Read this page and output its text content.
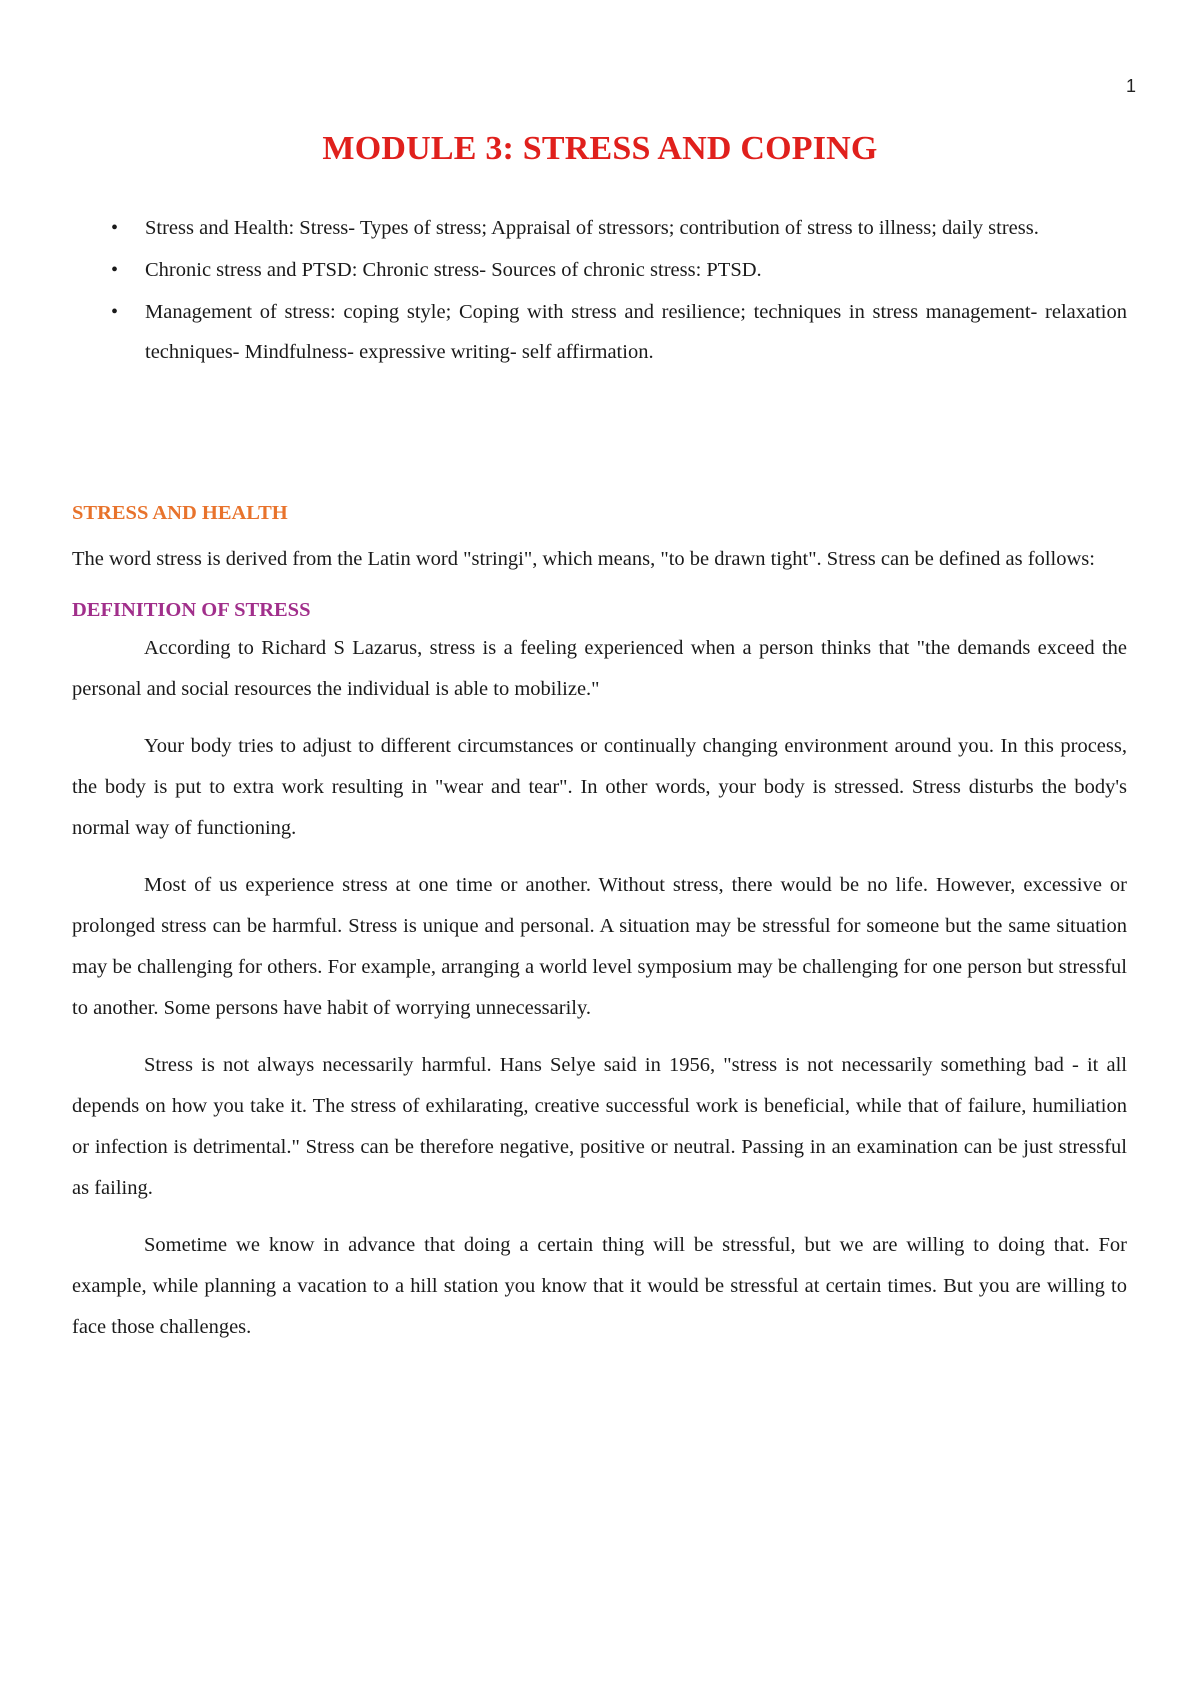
1
MODULE 3: STRESS AND COPING
• Stress and Health: Stress- Types of stress; Appraisal of stressors; contribution of stress to illness; daily stress.
• Chronic stress and PTSD: Chronic stress- Sources of chronic stress: PTSD.
• Management of stress: coping style; Coping with stress and resilience; techniques in stress management- relaxation techniques- Mindfulness- expressive writing- self affirmation.
STRESS AND HEALTH

The word stress is derived from the Latin word "stringi", which means, "to be drawn tight". Stress can be defined as follows:

DEFINITION OF STRESS

According to Richard S Lazarus, stress is a feeling experienced when a person thinks that "the demands exceed the personal and social resources the individual is able to mobilize."

Your body tries to adjust to different circumstances or continually changing environment around you. In this process, the body is put to extra work resulting in "wear and tear". In other words, your body is stressed. Stress disturbs the body's normal way of functioning.

Most of us experience stress at one time or another. Without stress, there would be no life. However, excessive or prolonged stress can be harmful. Stress is unique and personal. A situation may be stressful for someone but the same situation may be challenging for others. For example, arranging a world level symposium may be challenging for one person but stressful to another. Some persons have habit of worrying unnecessarily.

Stress is not always necessarily harmful. Hans Selye said in 1956, "stress is not necessarily something bad - it all depends on how you take it. The stress of exhilarating, creative successful work is beneficial, while that of failure, humiliation or infection is detrimental." Stress can be therefore negative, positive or neutral. Passing in an examination can be just stressful as failing.

Sometime we know in advance that doing a certain thing will be stressful, but we are willing to doing that. For example, while planning a vacation to a hill station you know that it would be stressful at certain times. But you are willing to face those challenges.
